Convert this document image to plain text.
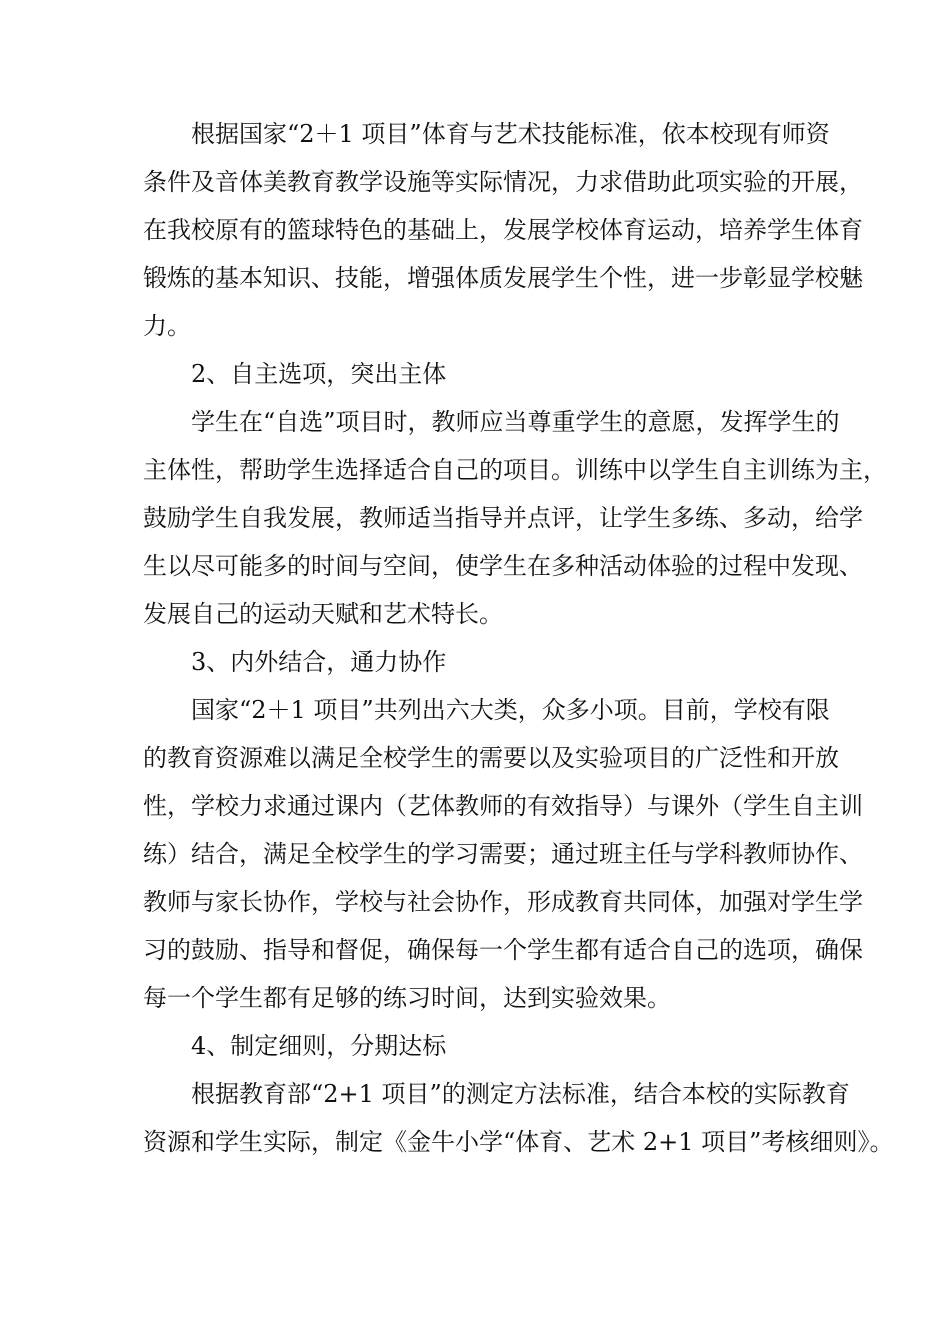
根据国家“2＋1 项目”体育与艺术技能标准，依本校现有师资
条件及音体美教育教学设施等实际情况，力求借助此项实验的开展，
在我校原有的篮球特色的基础上，发展学校体育运动，培养学生体育
锻炼的基本知识、技能，增强体质发展学生个性，进一步彰显学校魅
力。
2、自主选项，突出主体
学生在“自选”项目时，教师应当尊重学生的意愿，发挥学生的
主体性，帮助学生选择适合自己的项目。训练中以学生自主训练为主，
鼓励学生自我发展，教师适当指导并点评，让学生多练、多动，给学
生以尽可能多的时间与空间，使学生在多种活动体验的过程中发现、
发展自己的运动天赋和艺术特长。
3、内外结合，通力协作
国家“2＋1 项目”共列出六大类，众多小项。目前，学校有限
的教育资源难以满足全校学生的需要以及实验项目的广泛性和开放
性，学校力求通过课内（艺体教师的有效指导）与课外（学生自主训
练）结合，满足全校学生的学习需要；通过班主任与学科教师协作、
教师与家长协作，学校与社会协作，形成教育共同体，加强对学生学
习的鼓励、指导和督促，确保每一个学生都有适合自己的选项，确保
每一个学生都有足够的练习时间，达到实验效果。
4、制定细则，分期达标
根据教育部“2+1 项目”的测定方法标准，结合本校的实际教育
资源和学生实际，制定《金牛小学“体育、艺术 2+1 项目”考核细则》。
